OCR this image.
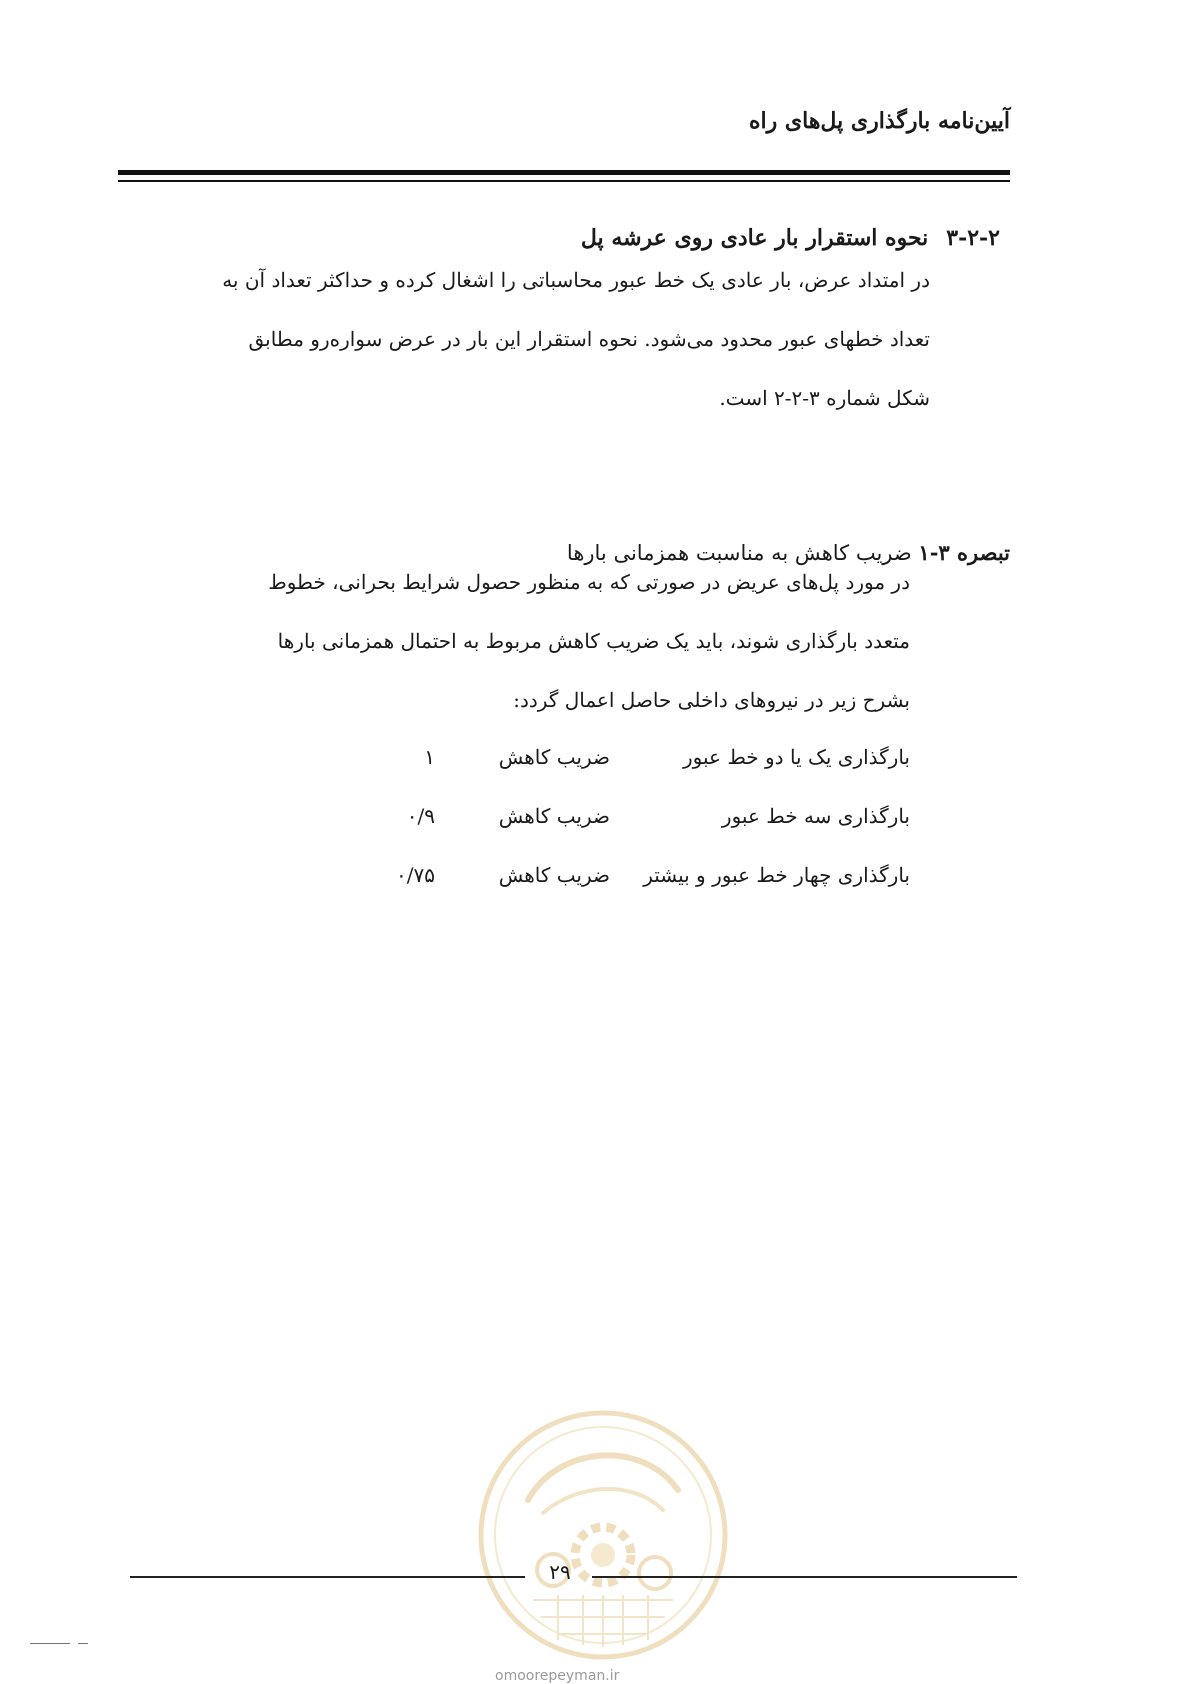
آیین‌نامه بارگذاری پل‌های راه
۳-۲-۲نحوه استقرار بار عادی روی عرشه پل

در امتداد عرض، بار عادی یک خط عبور محاسباتی را اشغال کرده و حداکثر تعداد آن به

تعداد خطهای عبور محدود می‌شود. نحوه استقرار این بار در عرض سواره‌رو مطابق

شکل شماره ۳-۲-۲ است.

تبصره ۳-۱ ضریب کاهش به مناسبت همزمانی بارها

در مورد پل‌های عریض در صورتی که به منظور حصول شرایط بحرانی، خطوط

متعدد بارگذاری شوند، باید یک ضریب کاهش مربوط به احتمال همزمانی بارها

بشرح زیر در نیروهای داخلی حاصل اعمال گردد:

بارگذاری یک یا دو خط عبور
ضریب کاهش
۱
بارگذاری سه خط عبور
ضریب کاهش
۰/۹
بارگذاری چهار خط عبور و بیشتر
ضریب کاهش
۰/۷۵
۲۹
omoorepeyman.ir
